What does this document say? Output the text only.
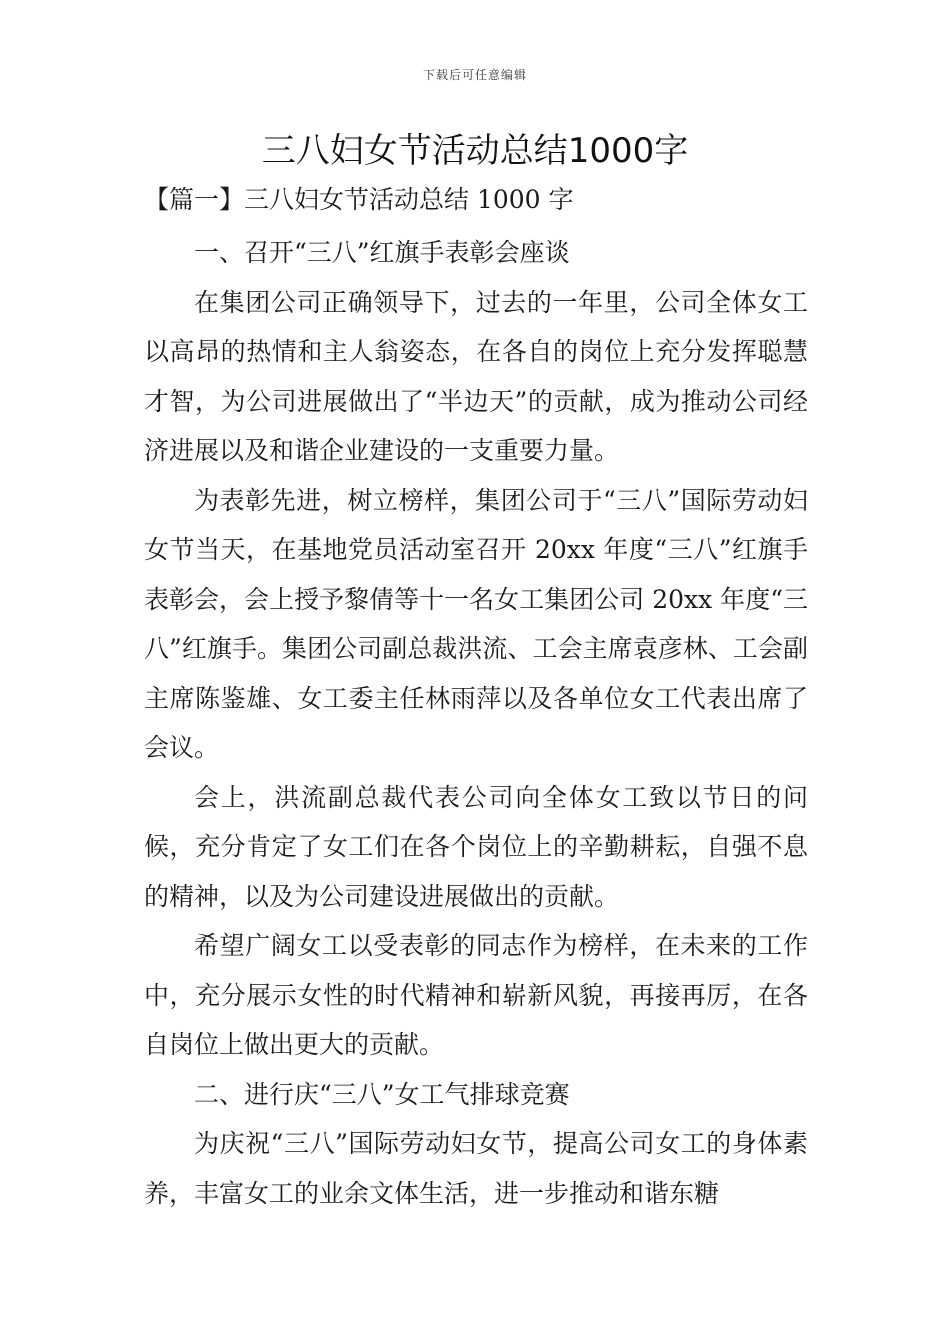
下载后可任意编辑
三八妇女节活动总结1000字
【篇一】三八妇女节活动总结 1000 字

一、召开“三八”红旗手表彰会座谈

在集团公司正确领导下，过去的一年里，公司全体女工以高昂的热情和主人翁姿态，在各自的岗位上充分发挥聪慧才智，为公司进展做出了“半边天”的贡献，成为推动公司经济进展以及和谐企业建设的一支重要力量。

为表彰先进，树立榜样，集团公司于“三八”国际劳动妇女节当天，在基地党员活动室召开 20xx 年度“三八”红旗手表彰会，会上授予黎倩等十一名女工集团公司 20xx 年度“三八”红旗手。集团公司副总裁洪流、工会主席袁彦林、工会副主席陈鉴雄、女工委主任林雨萍以及各单位女工代表出席了会议。

会上，洪流副总裁代表公司向全体女工致以节日的问候，充分肯定了女工们在各个岗位上的辛勤耕耘，自强不息的精神，以及为公司建设进展做出的贡献。

希望广阔女工以受表彰的同志作为榜样，在未来的工作中，充分展示女性的时代精神和崭新风貌，再接再厉，在各自岗位上做出更大的贡献。

二、进行庆“三八”女工气排球竞赛

为庆祝“三八”国际劳动妇女节，提高公司女工的身体素养，丰富女工的业余文体生活，进一步推动和谐东糖
